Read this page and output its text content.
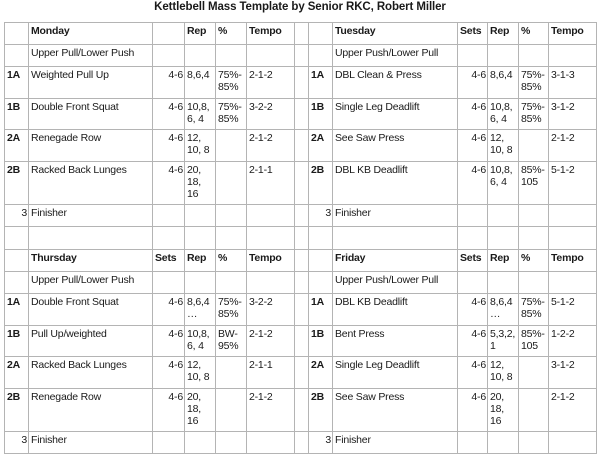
Kettlebell Mass Template by Senior RKC, Robert Miller
	Monday		Rep	%	Tempo			Tuesday	Sets	Rep	%	Tempo
	Upper Pull/Lower Push							Upper Push/Lower Pull				
1A	Weighted Pull Up	4-6	8,6,4	75%-85%	2-1-2		1A	DBL Clean & Press	4-6	8,6,4	75%-85%	3-1-3
1B	Double Front Squat	4-6	10,8,6, 4	75%-85%	3-2-2		1B	Single Leg Deadlift	4-6	10,8,6, 4	75%-85%	3-1-2
2A	Renegade Row	4-6	12, 10, 8		2-1-2		2A	See Saw Press	4-6	12, 10, 8		2-1-2
2B	Racked Back Lunges	4-6	20, 18, 16		2-1-1		2B	DBL KB Deadlift	4-6	10,8,6, 4	85%-105	5-1-2
3	Finisher						3	Finisher				

	Thursday	Sets	Rep	%	Tempo			Friday	Sets	Rep	%	Tempo
	Upper Pull/Lower Push							Upper Push/Lower Pull				
1A	Double Front Squat	4-6	8,6,4…	75%-85%	3-2-2		1A	DBL KB Deadlift	4-6	8,6,4 …	75%-85%	5-1-2
1B	Pull Up/weighted	4-6	10,8,6, 4	BW-95%	2-1-2		1B	Bent Press	4-6	5,3,2,1	85%-105	1-2-2
2A	Racked Back Lunges	4-6	12, 10, 8		2-1-1		2A	Single Leg Deadlift	4-6	12, 10, 8		3-1-2
2B	Renegade Row	4-6	20, 18, 16		2-1-2		2B	See Saw Press	4-6	20, 18, 16		2-1-2
3	Finisher						3	Finisher				
